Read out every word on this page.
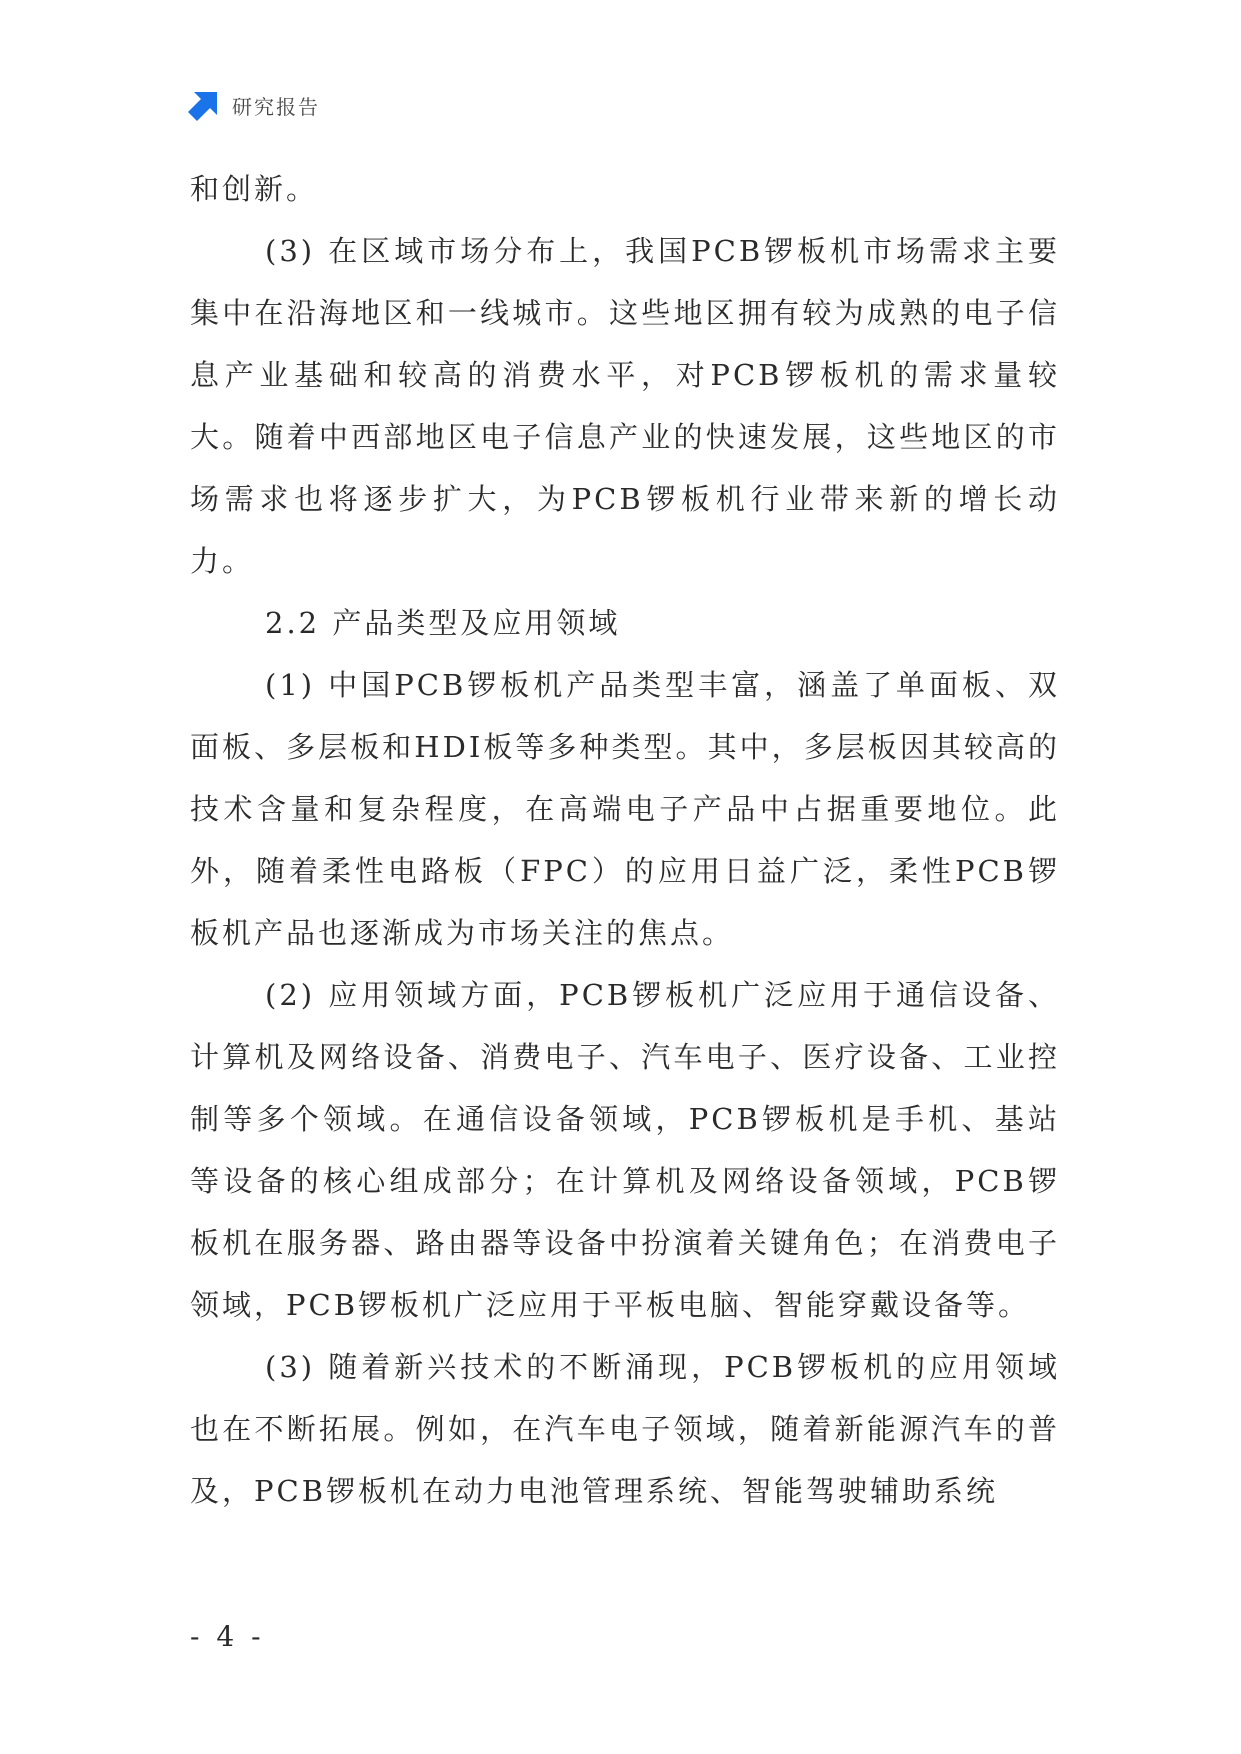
研究报告

和创新。

(3) 在区域市场分布上，我国PCB锣板机市场需求主要集中在沿海地区和一线城市。这些地区拥有较为成熟的电子信息产业基础和较高的消费水平，对PCB锣板机的需求量较大。随着中西部地区电子信息产业的快速发展，这些地区的市场需求也将逐步扩大，为PCB锣板机行业带来新的增长动力。

2.2 产品类型及应用领域

(1) 中国PCB锣板机产品类型丰富，涵盖了单面板、双面板、多层板和HDI板等多种类型。其中，多层板因其较高的技术含量和复杂程度，在高端电子产品中占据重要地位。此外，随着柔性电路板（FPC）的应用日益广泛，柔性PCB锣板机产品也逐渐成为市场关注的焦点。

(2) 应用领域方面，PCB锣板机广泛应用于通信设备、计算机及网络设备、消费电子、汽车电子、医疗设备、工业控制等多个领域。在通信设备领域，PCB锣板机是手机、基站等设备的核心组成部分；在计算机及网络设备领域，PCB锣板机在服务器、路由器等设备中扮演着关键角色；在消费电子领域，PCB锣板机广泛应用于平板电脑、智能穿戴设备等。

(3) 随着新兴技术的不断涌现，PCB锣板机的应用领域也在不断拓展。例如，在汽车电子领域，随着新能源汽车的普及，PCB锣板机在动力电池管理系统、智能驾驶辅助系统

- 4 -
